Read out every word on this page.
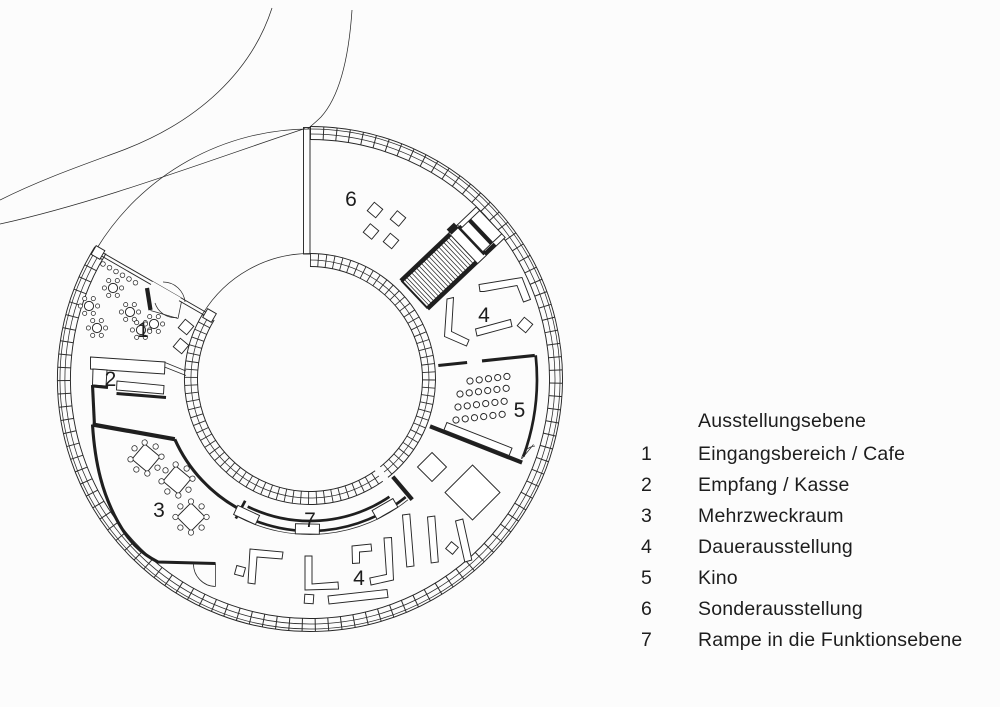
1
2
3
4
4
5
6
7
Ausstellungsebene
1 Eingangsbereich / Cafe
2 Empfang / Kasse
3 Mehrzweckraum
4 Dauerausstellung
5 Kino
6 Sonderausstellung
7 Rampe in die Funktionsebene
